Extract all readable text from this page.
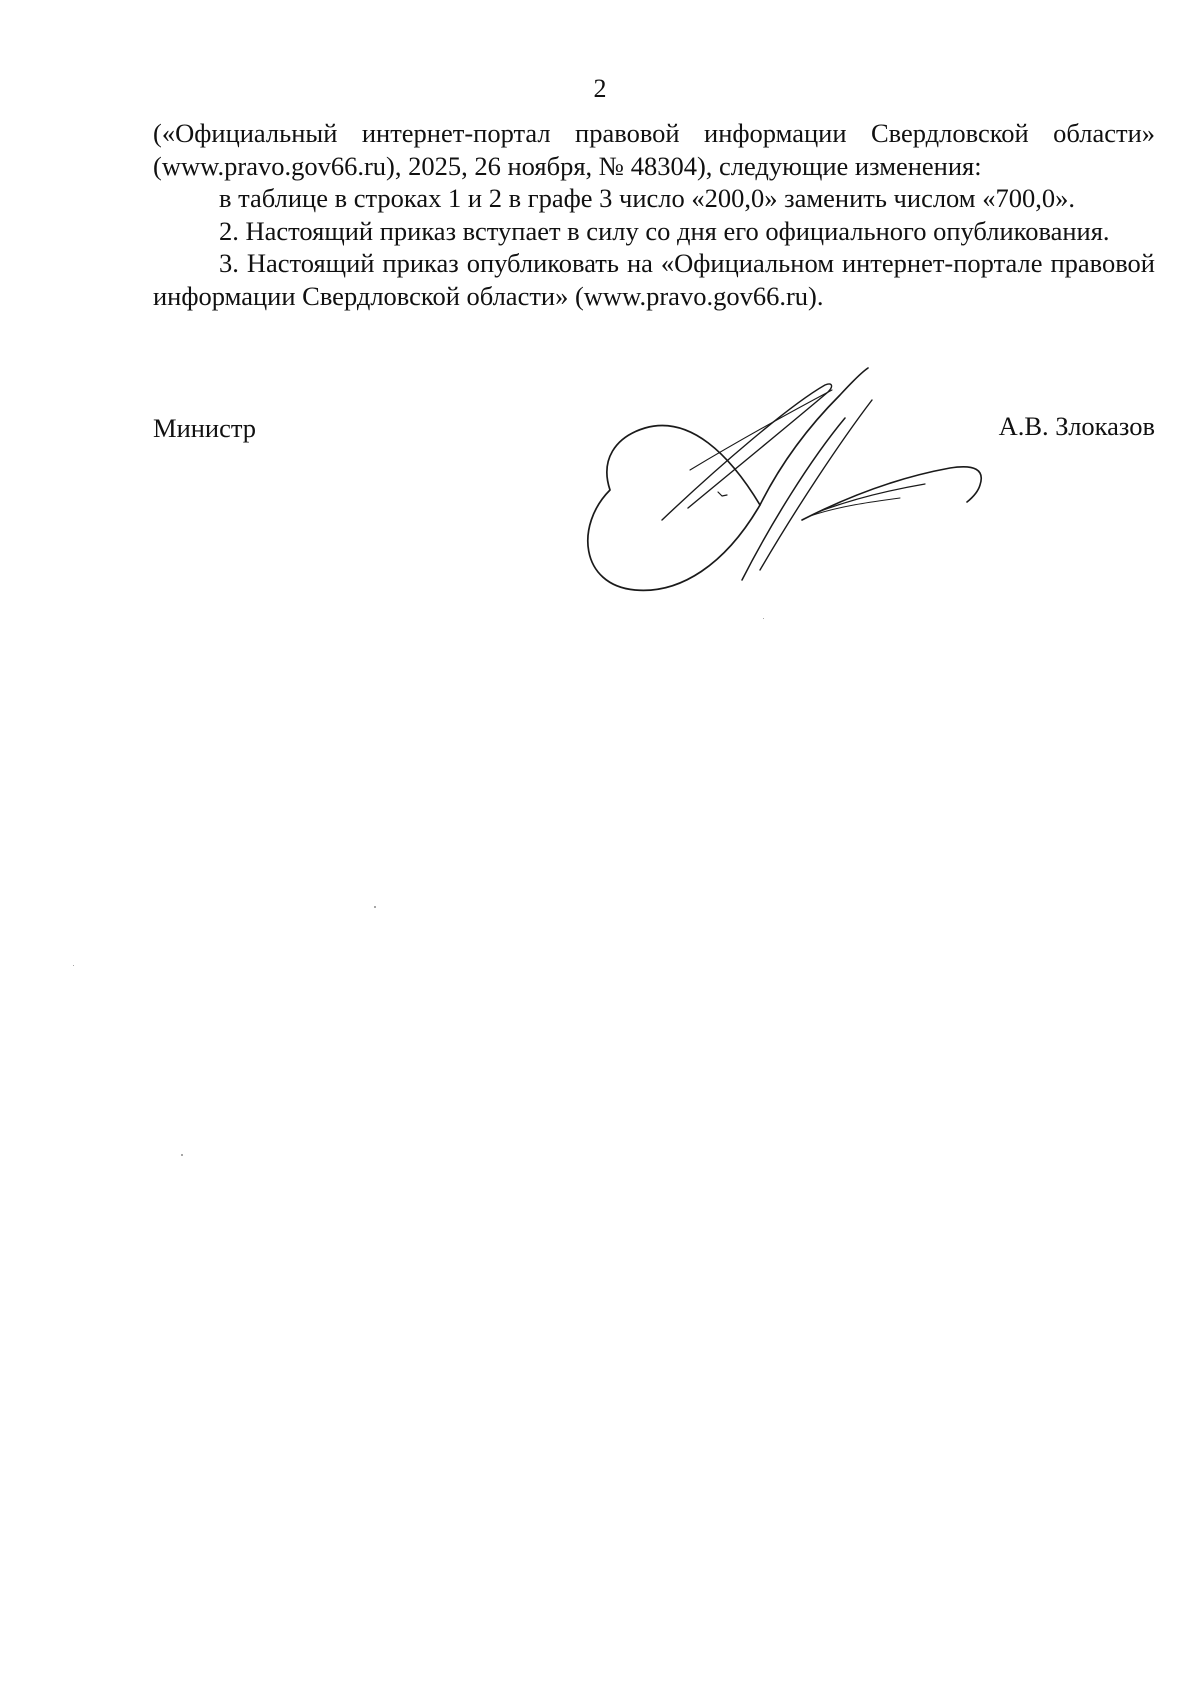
2

(«Официальный интернет-портал правовой информации Свердловской области» (www.pravo.gov66.ru), 2025, 26 ноября, № 48304), следующие изменения:

в таблице в строках 1 и 2 в графе 3 число «200,0» заменить числом «700,0».

2. Настоящий приказ вступает в силу со дня его официального опубликования.

3. Настоящий приказ опубликовать на «Официальном интернет-портале правовой информации Свердловской области» (www.pravo.gov66.ru).

Министр	А.В. Злоказов
